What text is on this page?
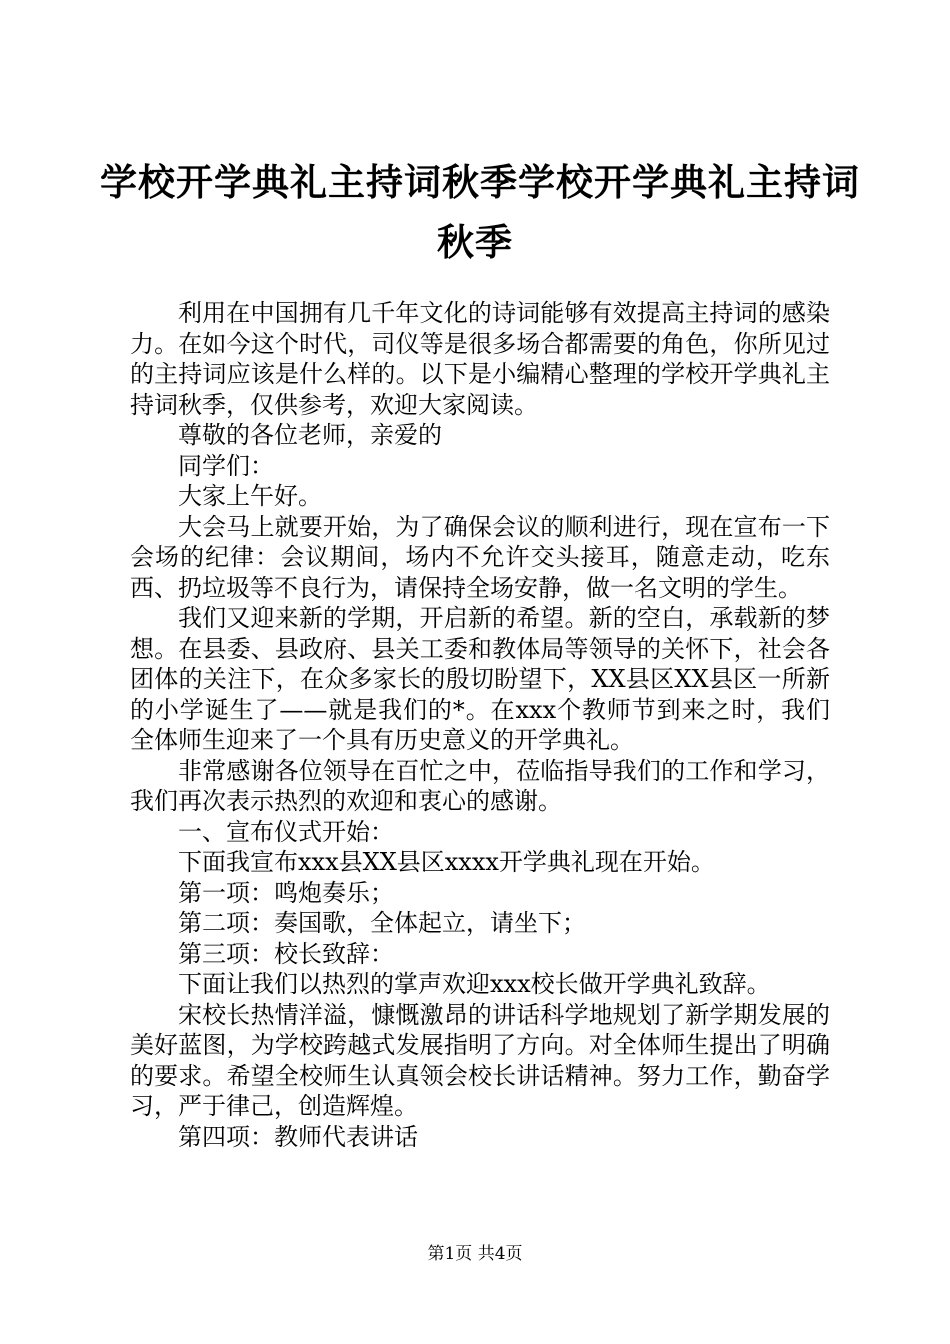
学校开学典礼主持词秋季学校开学典礼主持词
秋季

利用在中国拥有几千年文化的诗词能够有效提高主持词的感染力。在如今这个时代，司仪等是很多场合都需要的角色，你所见过的主持词应该是什么样的。以下是小编精心整理的学校开学典礼主持词秋季，仅供参考，欢迎大家阅读。

尊敬的各位老师，亲爱的

同学们：

大家上午好。

大会马上就要开始，为了确保会议的顺利进行，现在宣布一下会场的纪律：会议期间，场内不允许交头接耳，随意走动，吃东西、扔垃圾等不良行为，请保持全场安静，做一名文明的学生。

我们又迎来新的学期，开启新的希望。新的空白，承载新的梦想。在县委、县政府、县关工委和教体局等领导的关怀下，社会各团体的关注下，在众多家长的殷切盼望下，XX县区XX县区一所新的小学诞生了——就是我们的*。在xxx个教师节到来之时，我们全体师生迎来了一个具有历史意义的开学典礼。

非常感谢各位领导在百忙之中，莅临指导我们的工作和学习，我们再次表示热烈的欢迎和衷心的感谢。

一、宣布仪式开始：

下面我宣布xxx县XX县区xxxx开学典礼现在开始。

第一项：鸣炮奏乐；

第二项：奏国歌，全体起立，请坐下；

第三项：校长致辞：

下面让我们以热烈的掌声欢迎xxx校长做开学典礼致辞。

宋校长热情洋溢，慷慨激昂的讲话科学地规划了新学期发展的美好蓝图，为学校跨越式发展指明了方向。对全体师生提出了明确的要求。希望全校师生认真领会校长讲话精神。努力工作，勤奋学习，严于律己，创造辉煌。

第四项：教师代表讲话

第1页 共4页
